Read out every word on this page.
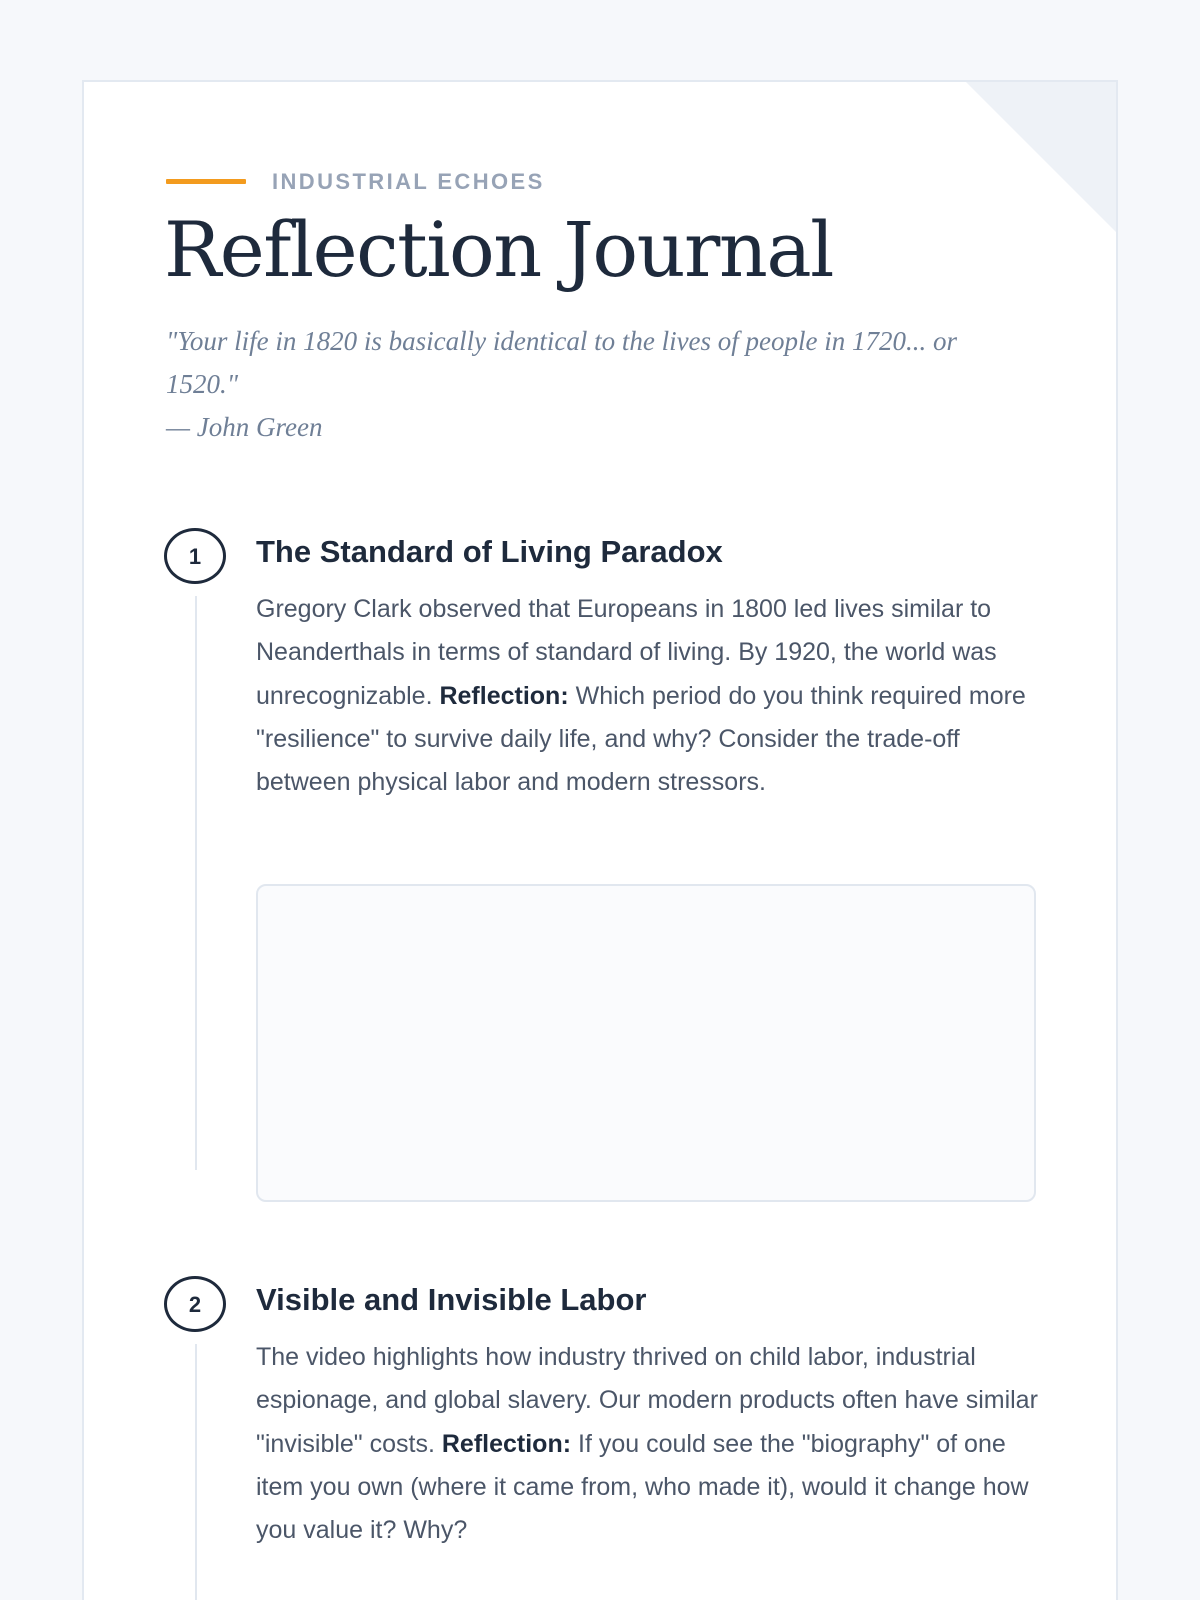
INDUSTRIAL ECHOES
Reflection Journal
"Your life in 1820 is basically identical to the lives of people in 1720... or 1520."
— John Green
1	The Standard of Living Paradox

Gregory Clark observed that Europeans in 1800 led lives similar to Neanderthals in terms of standard of living. By 1920, the world was unrecognizable. Reflection: Which period do you think required more "resilience" to survive daily life, and why? Consider the trade-off between physical labor and modern stressors.

2	Visible and Invisible Labor

The video highlights how industry thrived on child labor, industrial espionage, and global slavery. Our modern products often have similar "invisible" costs. Reflection: If you could see the "biography" of one item you own (where it came from, who made it), would it change how you value it? Why?
